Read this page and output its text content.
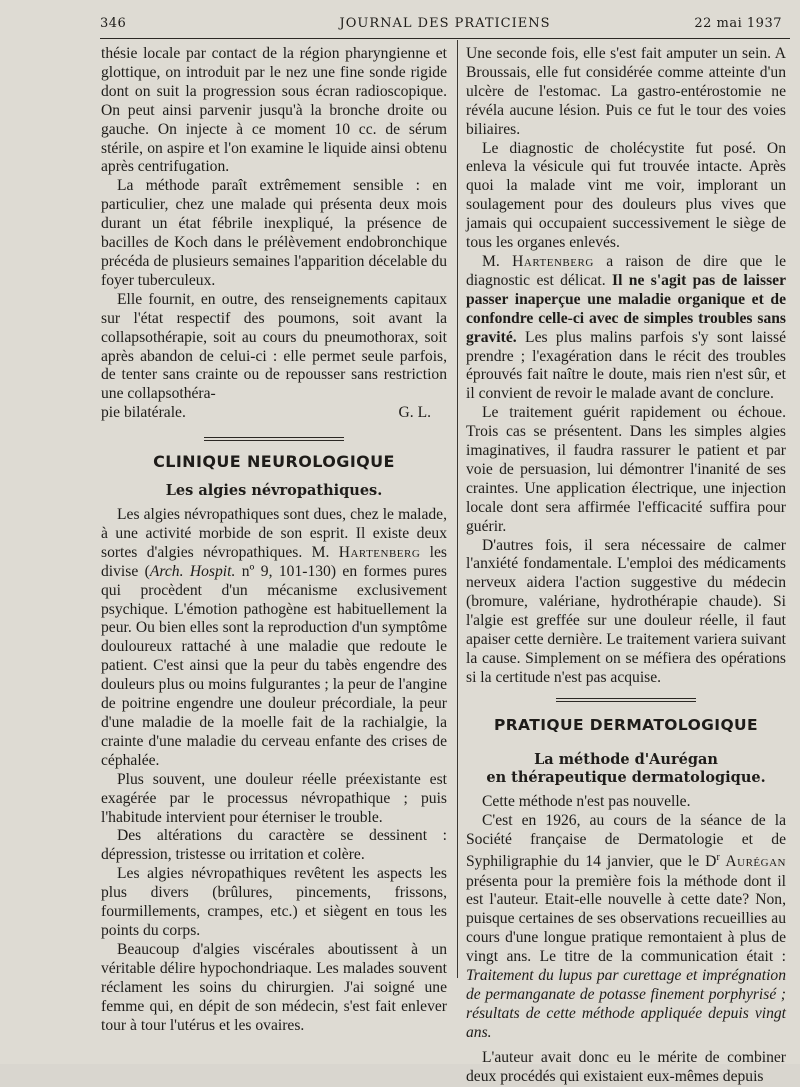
346	JOURNAL DES PRATICIENS	22 mai 1937

thésie locale par contact de la région pharyngienne et glottique, on introduit par le nez une fine sonde rigide dont on suit la progression sous écran radioscopique. On peut ainsi parvenir jusqu'à la bronche droite ou gauche. On injecte à ce moment 10 cc. de sérum stérile, on aspire et l'on examine le liquide ainsi obtenu après centrifugation.

La méthode paraît extrêmement sensible : en particulier, chez une malade qui présenta deux mois durant un état fébrile inexpliqué, la présence de bacilles de Koch dans le prélèvement endobronchique précéda de plusieurs semaines l'apparition décelable du foyer tuberculeux.

Elle fournit, en outre, des renseignements capitaux sur l'état respectif des poumons, soit avant la collapsothérapie, soit au cours du pneumothorax, soit après abandon de celui-ci : elle permet seule parfois, de tenter sans crainte ou de repousser sans restriction une collapsothéra-

pie bilatérale.	G. L.
CLINIQUE NEUROLOGIQUE
Les algies névropathiques.

Les algies névropathiques sont dues, chez le malade, à une activité morbide de son esprit. Il existe deux sortes d'algies névropathiques. M. Hartenberg les divise (Arch. Hospit. nº 9, 101-130) en formes pures qui procèdent d'un mécanisme exclusivement psychique. L'émotion pathogène est habituellement la peur. Ou bien elles sont la reproduction d'un symptôme douloureux rattaché à une maladie que redoute le patient. C'est ainsi que la peur du tabès engendre des douleurs plus ou moins fulgurantes ; la peur de l'angine de poitrine engendre une douleur précordiale, la peur d'une maladie de la moelle fait de la rachialgie, la crainte d'une maladie du cerveau enfante des crises de céphalée.

Plus souvent, une douleur réelle préexistante est exagérée par le processus névropathique ; puis l'habitude intervient pour éterniser le trouble.

Des altérations du caractère se dessinent : dépression, tristesse ou irritation et colère.

Les algies névropathiques revêtent les aspects les plus divers (brûlures, pincements, frissons, fourmillements, crampes, etc.) et siègent en tous les points du corps.

Beaucoup d'algies viscérales aboutissent à un véritable délire hypochondriaque. Les malades souvent réclament les soins du chirurgien. J'ai soigné une femme qui, en dépit de son médecin, s'est fait enlever tour à tour l'utérus et les ovaires.

Une seconde fois, elle s'est fait amputer un sein. A Broussais, elle fut considérée comme atteinte d'un ulcère de l'estomac. La gastro-entérostomie ne révéla aucune lésion. Puis ce fut le tour des voies biliaires.

Le diagnostic de cholécystite fut posé. On enleva la vésicule qui fut trouvée intacte. Après quoi la malade vint me voir, implorant un soulagement pour des douleurs plus vives que jamais qui occupaient successivement le siège de tous les organes enlevés.

M. Hartenberg a raison de dire que le diagnostic est délicat. Il ne s'agit pas de laisser passer inaperçue une maladie organique et de confondre celle-ci avec de simples troubles sans gravité. Les plus malins parfois s'y sont laissé prendre ; l'exagération dans le récit des troubles éprouvés fait naître le doute, mais rien n'est sûr, et il convient de revoir le malade avant de conclure.

Le traitement guérit rapidement ou échoue. Trois cas se présentent. Dans les simples algies imaginatives, il faudra rassurer le patient et par voie de persuasion, lui démontrer l'inanité de ses craintes. Une application électrique, une injection locale dont sera affirmée l'efficacité suffira pour guérir.

D'autres fois, il sera nécessaire de calmer l'anxiété fondamentale. L'emploi des médicaments nerveux aidera l'action suggestive du médecin (bromure, valériane, hydrothérapie chaude). Si l'algie est greffée sur une douleur réelle, il faut apaiser cette dernière. Le traitement variera suivant la cause. Simplement on se méfiera des opérations si la certitude n'est pas acquise.

PRATIQUE DERMATOLOGIQUE
La méthode d'Aurégan
en thérapeutique dermatologique.

Cette méthode n'est pas nouvelle.

C'est en 1926, au cours de la séance de la Société française de Dermatologie et de Syphiligraphie du 14 janvier, que le $D^r$ Aurégan présenta pour la première fois la méthode dont il est l'auteur. Etait-elle nouvelle à cette date? Non, puisque certaines de ses observations recueillies au cours d'une longue pratique remontaient à plus de vingt ans. Le titre de la communication était : Traitement du lupus par curettage et imprégnation de permanganate de potasse finement porphyrisé ; résultats de cette méthode appliquée depuis vingt ans.

L'auteur avait donc eu le mérite de combiner deux procédés qui existaient eux-mêmes depuis
